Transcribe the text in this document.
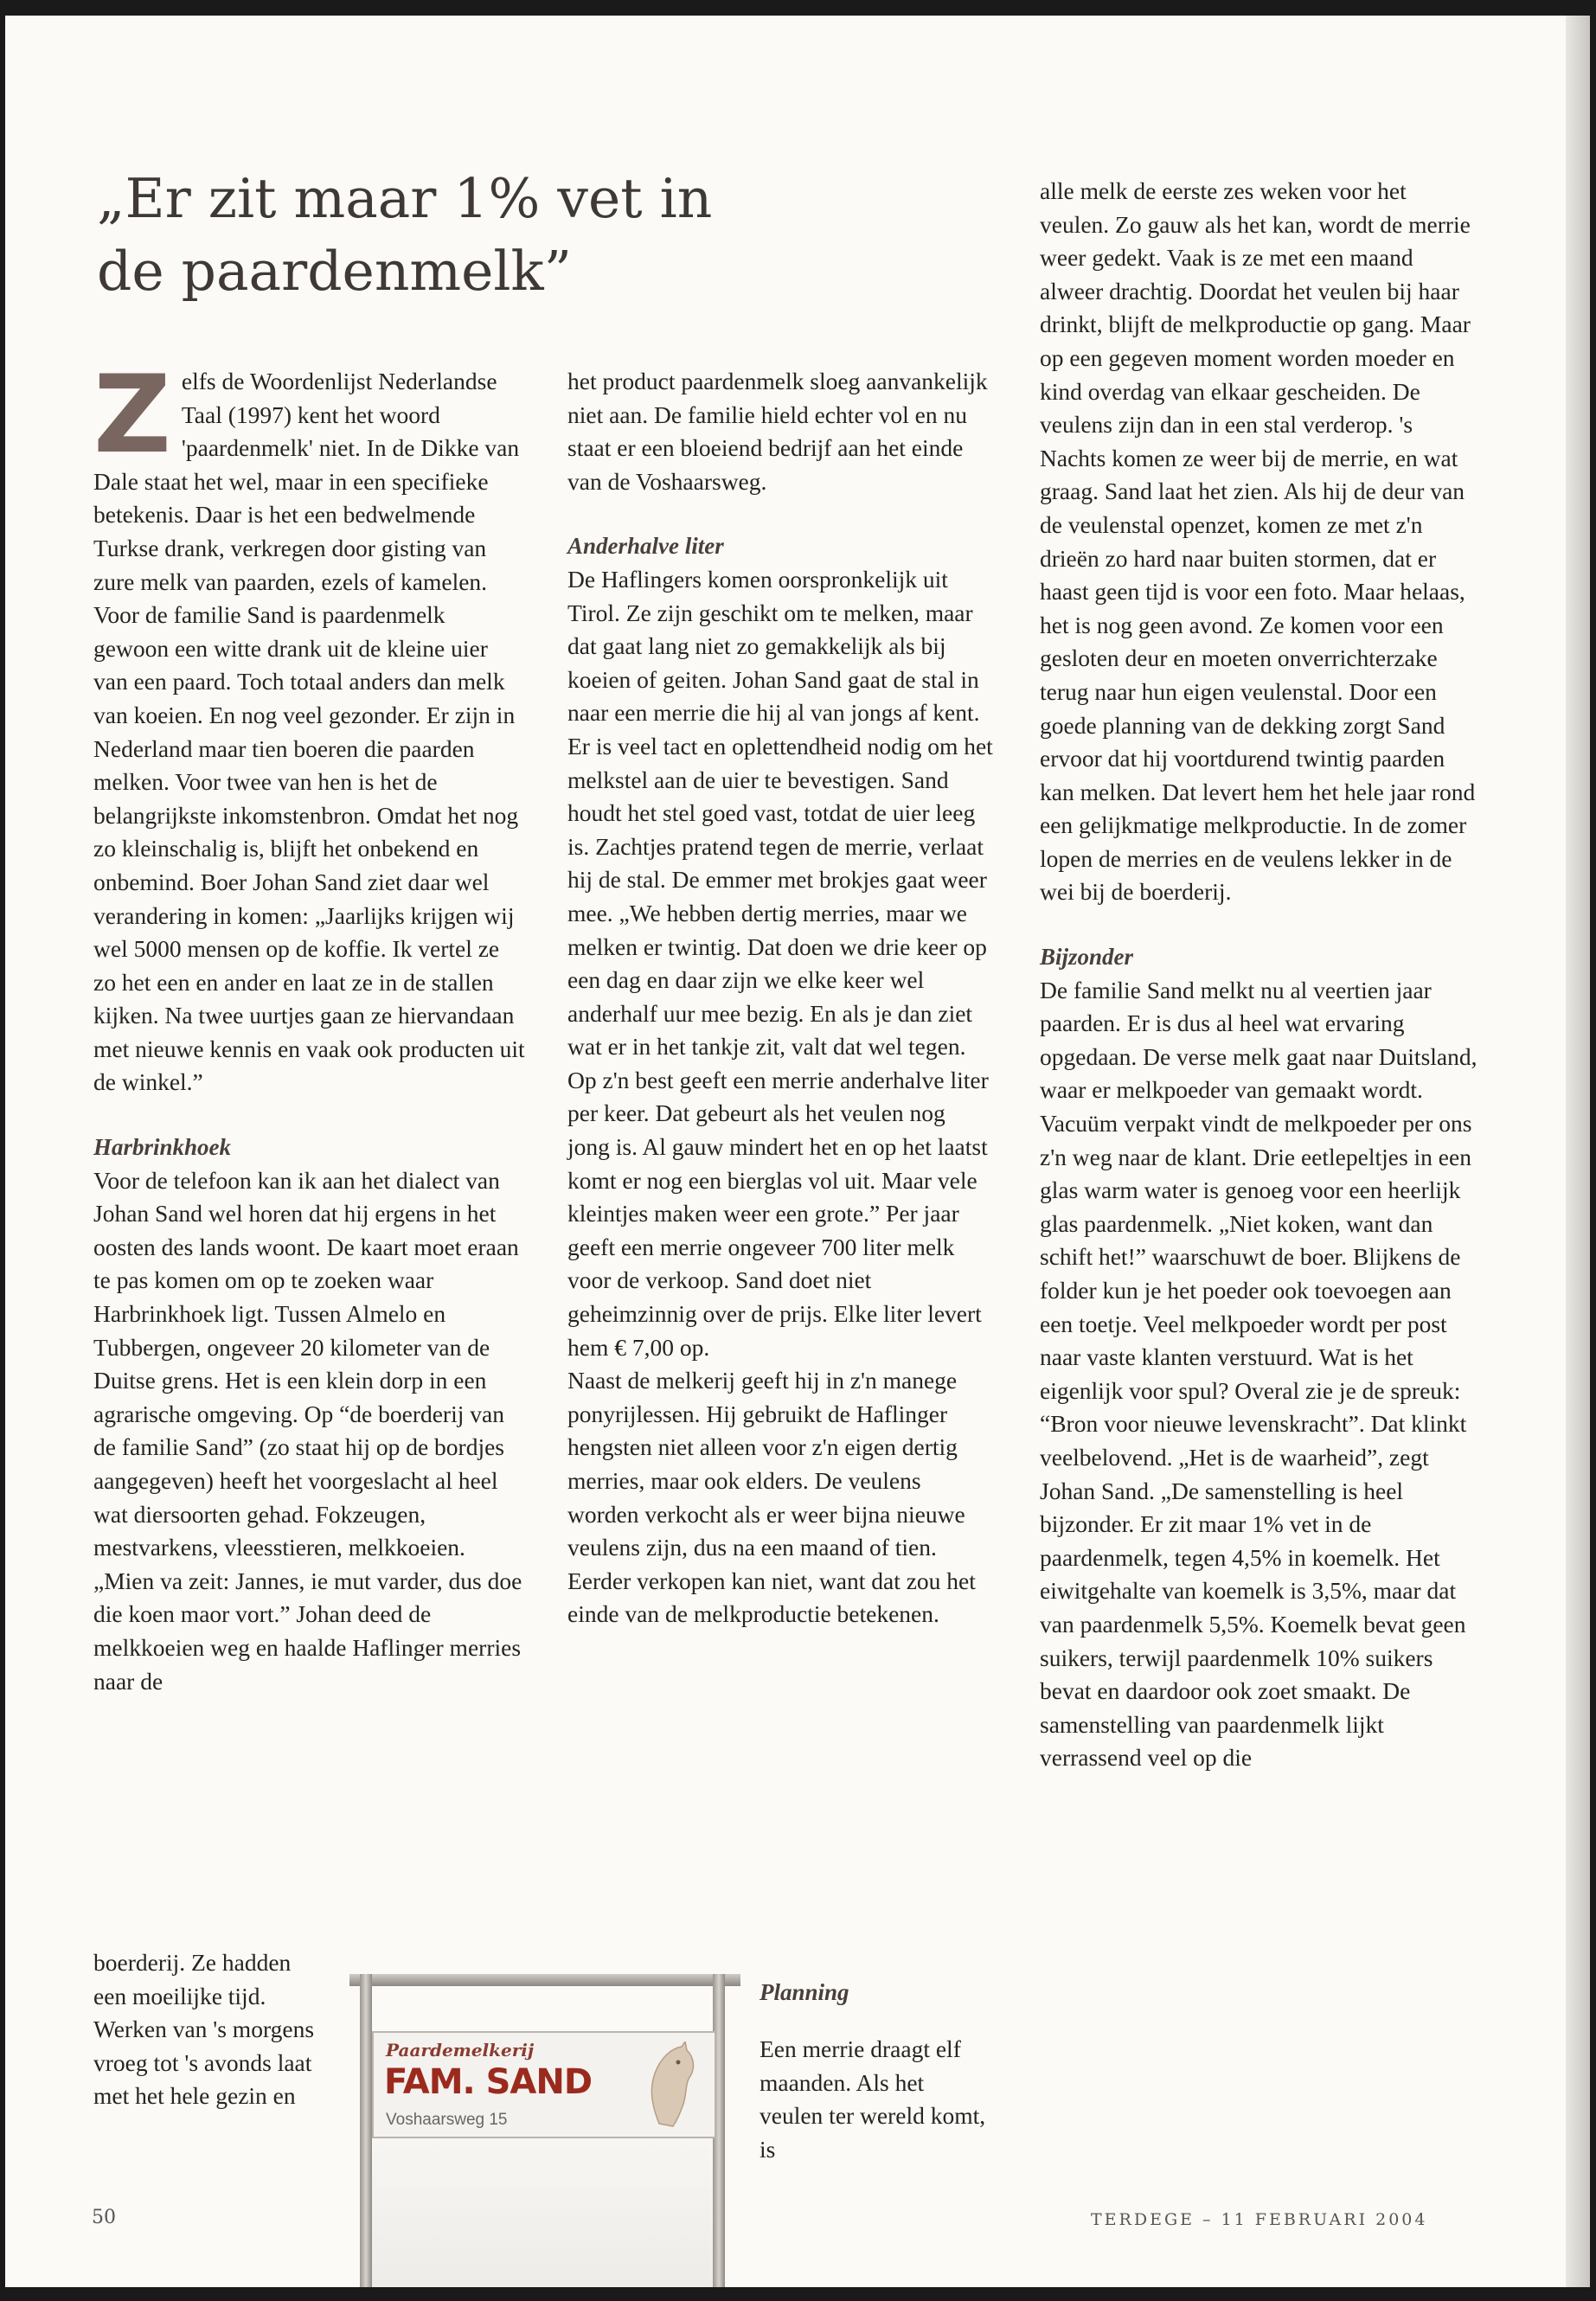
„Er zit maar 1% vet in
de paardenmelk”

Zelfs de Woordenlijst Nederlandse Taal (1997) kent het woord 'paardenmelk' niet. In de Dikke van Dale staat het wel, maar in een specifieke betekenis. Daar is het een bedwelmende Turkse drank, verkregen door gisting van zure melk van paarden, ezels of kamelen. Voor de familie Sand is paardenmelk gewoon een witte drank uit de kleine uier van een paard. Toch totaal anders dan melk van koeien. En nog veel gezonder. Er zijn in Nederland maar tien boeren die paarden melken. Voor twee van hen is het de belangrijkste inkomstenbron. Omdat het nog zo kleinschalig is, blijft het onbekend en onbemind. Boer Johan Sand ziet daar wel verandering in komen: „Jaarlijks krijgen wij wel 5000 mensen op de koffie. Ik vertel ze zo het een en ander en laat ze in de stallen kijken. Na twee uurtjes gaan ze hiervandaan met nieuwe kennis en vaak ook producten uit de winkel.”

Harbrinkhoek

Voor de telefoon kan ik aan het dialect van Johan Sand wel horen dat hij ergens in het oosten des lands woont. De kaart moet eraan te pas komen om op te zoeken waar Harbrinkhoek ligt. Tussen Almelo en Tubbergen, ongeveer 20 kilometer van de Duitse grens. Het is een klein dorp in een agrarische omgeving. Op “de boerderij van de familie Sand” (zo staat hij op de bordjes aangegeven) heeft het voorgeslacht al heel wat diersoorten gehad. Fokzeugen, mestvarkens, vleesstieren, melkkoeien. „Mien va zeit: Jannes, ie mut varder, dus doe die koen maor vort.” Johan deed de melkkoeien weg en haalde Haflinger merries naar de

boerderij. Ze hadden een moeilijke tijd. Werken van 's morgens vroeg tot 's avonds laat met het hele gezin en

het product paardenmelk sloeg aanvankelijk niet aan. De familie hield echter vol en nu staat er een bloeiend bedrijf aan het einde van de Voshaarsweg.

Anderhalve liter

De Haflingers komen oorspronkelijk uit Tirol. Ze zijn geschikt om te melken, maar dat gaat lang niet zo gemakkelijk als bij koeien of geiten. Johan Sand gaat de stal in naar een merrie die hij al van jongs af kent. Er is veel tact en oplettendheid nodig om het melkstel aan de uier te bevestigen. Sand houdt het stel goed vast, totdat de uier leeg is. Zachtjes pratend tegen de merrie, verlaat hij de stal. De emmer met brokjes gaat weer mee. „We hebben dertig merries, maar we melken er twintig. Dat doen we drie keer op een dag en daar zijn we elke keer wel anderhalf uur mee bezig. En als je dan ziet wat er in het tankje zit, valt dat wel tegen. Op z'n best geeft een merrie anderhalve liter per keer. Dat gebeurt als het veulen nog jong is. Al gauw mindert het en op het laatst komt er nog een bierglas vol uit. Maar vele kleintjes maken weer een grote.” Per jaar geeft een merrie ongeveer 700 liter melk voor de verkoop. Sand doet niet geheimzinnig over de prijs. Elke liter levert hem € 7,00 op.

Naast de melkerij geeft hij in z'n manege ponyrijlessen. Hij gebruikt de Haflinger hengsten niet alleen voor z'n eigen dertig merries, maar ook elders. De veulens worden verkocht als er weer bijna nieuwe veulens zijn, dus na een maand of tien. Eerder verkopen kan niet, want dat zou het einde van de melkproductie betekenen.

Planning

Een merrie draagt elf maanden. Als het veulen ter wereld komt, is

alle melk de eerste zes weken voor het veulen. Zo gauw als het kan, wordt de merrie weer gedekt. Vaak is ze met een maand alweer drachtig. Doordat het veulen bij haar drinkt, blijft de melkproductie op gang. Maar op een gegeven moment worden moeder en kind overdag van elkaar gescheiden. De veulens zijn dan in een stal verderop. 's Nachts komen ze weer bij de merrie, en wat graag. Sand laat het zien. Als hij de deur van de veulenstal openzet, komen ze met z'n drieën zo hard naar buiten stormen, dat er haast geen tijd is voor een foto. Maar helaas, het is nog geen avond. Ze komen voor een gesloten deur en moeten onverrichterzake terug naar hun eigen veulenstal. Door een goede planning van de dekking zorgt Sand ervoor dat hij voortdurend twintig paarden kan melken. Dat levert hem het hele jaar rond een gelijkmatige melkproductie. In de zomer lopen de merries en de veulens lekker in de wei bij de boerderij.

Bijzonder

De familie Sand melkt nu al veertien jaar paarden. Er is dus al heel wat ervaring opgedaan. De verse melk gaat naar Duitsland, waar er melkpoeder van gemaakt wordt. Vacuüm verpakt vindt de melkpoeder per ons z'n weg naar de klant. Drie eetlepeltjes in een glas warm water is genoeg voor een heerlijk glas paardenmelk. „Niet koken, want dan schift het!” waarschuwt de boer. Blijkens de folder kun je het poeder ook toevoegen aan een toetje. Veel melkpoeder wordt per post naar vaste klanten verstuurd. Wat is het eigenlijk voor spul? Overal zie je de spreuk: “Bron voor nieuwe levenskracht”. Dat klinkt veelbelovend. „Het is de waarheid”, zegt Johan Sand. „De samenstelling is heel bijzonder. Er zit maar 1% vet in de paardenmelk, tegen 4,5% in koemelk. Het eiwitgehalte van koemelk is 3,5%, maar dat van paardenmelk 5,5%. Koemelk bevat geen suikers, terwijl paardenmelk 10% suikers bevat en daardoor ook zoet smaakt. De samenstelling van paardenmelk lijkt verrassend veel op die

Paardemelkerij
FAM. SAND
Voshaarsweg 15
50	TERDEGE – 11 FEBRUARI 2004
